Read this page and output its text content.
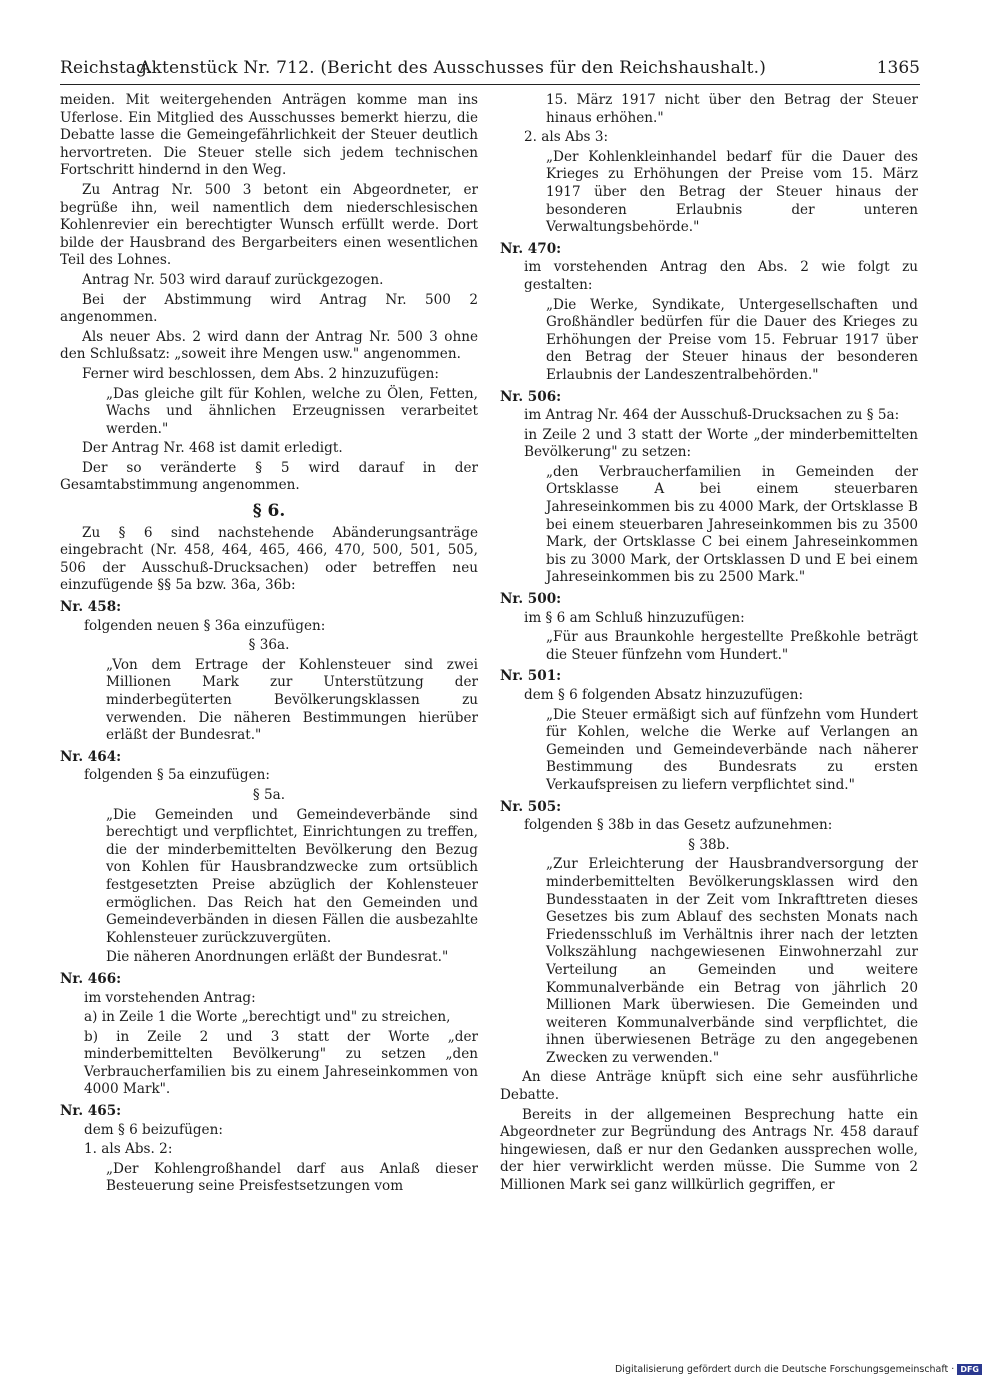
Reichstag.
Aktenstück Nr. 712. (Bericht des Ausschusses für den Reichshaushalt.)	1365
meiden. Mit weitergehenden Anträgen komme man ins Uferlose. Ein Mitglied des Ausschusses bemerkt hierzu, die Debatte lasse die Gemeingefährlichkeit der Steuer deutlich hervortreten. Die Steuer stelle sich jedem technischen Fortschritt hindernd in den Weg.
Zu Antrag Nr. 500 3 betont ein Abgeordneter, er begrüße ihn, weil namentlich dem niederschlesischen Kohlenrevier ein berechtigter Wunsch erfüllt werde. Dort bilde der Hausbrand des Bergarbeiters einen wesentlichen Teil des Lohnes.
Antrag Nr. 503 wird darauf zurückgezogen.
Bei der Abstimmung wird Antrag Nr. 500 2 angenommen.
Als neuer Abs. 2 wird dann der Antrag Nr. 500 3 ohne den Schlußsatz: „soweit ihre Mengen usw." angenommen.
Ferner wird beschlossen, dem Abs. 2 hinzuzufügen:
„Das gleiche gilt für Kohlen, welche zu Ölen, Fetten, Wachs und ähnlichen Erzeugnissen verarbeitet werden."
Der Antrag Nr. 468 ist damit erledigt.
Der so veränderte § 5 wird darauf in der Gesamtabstimmung angenommen.
§ 6.
Zu § 6 sind nachstehende Abänderungsanträge eingebracht (Nr. 458, 464, 465, 466, 470, 500, 501, 505, 506 der Ausschuß-Drucksachen) oder betreffen neu einzufügende §§ 5a bzw. 36a, 36b:
Nr. 458:
folgenden neuen § 36a einzufügen:
§ 36a.
„Von dem Ertrage der Kohlensteuer sind zwei Millionen Mark zur Unterstützung der minderbegüterten Bevölkerungsklassen zu verwenden. Die näheren Bestimmungen hierüber erläßt der Bundesrat."
Nr. 464:
folgenden § 5a einzufügen:
§ 5a.
„Die Gemeinden und Gemeindeverbände sind berechtigt und verpflichtet, Einrichtungen zu treffen, die der minderbemittelten Bevölkerung den Bezug von Kohlen für Hausbrandzwecke zum ortsüblich festgesetzten Preise abzüglich der Kohlensteuer ermöglichen. Das Reich hat den Gemeinden und Gemeindeverbänden in diesen Fällen die ausbezahlte Kohlensteuer zurückzuvergüten.
Die näheren Anordnungen erläßt der Bundesrat."
Nr. 466:
im vorstehenden Antrag:
a) in Zeile 1 die Worte „berechtigt und" zu streichen,
b) in Zeile 2 und 3 statt der Worte „der minderbemittelten Bevölkerung" zu setzen „den Verbraucherfamilien bis zu einem Jahreseinkommen von 4000 Mark".
Nr. 465:
dem § 6 beizufügen:
1. als Abs. 2:
„Der Kohlengroßhandel darf aus Anlaß dieser Besteuerung seine Preisfestsetzungen vom
15. März 1917 nicht über den Betrag der Steuer hinaus erhöhen."
2. als Abs 3:
„Der Kohlenkleinhandel bedarf für die Dauer des Krieges zu Erhöhungen der Preise vom 15. März 1917 über den Betrag der Steuer hinaus der besonderen Erlaubnis der unteren Verwaltungsbehörde."
Nr. 470:
im vorstehenden Antrag den Abs. 2 wie folgt zu gestalten:
„Die Werke, Syndikate, Untergesellschaften und Großhändler bedürfen für die Dauer des Krieges zu Erhöhungen der Preise vom 15. Februar 1917 über den Betrag der Steuer hinaus der besonderen Erlaubnis der Landeszentralbehörden."
Nr. 506:
im Antrag Nr. 464 der Ausschuß-Drucksachen zu § 5a:
in Zeile 2 und 3 statt der Worte „der minderbemittelten Bevölkerung" zu setzen:
„den Verbraucherfamilien in Gemeinden der Ortsklasse A bei einem steuerbaren Jahreseinkommen bis zu 4000 Mark, der Ortsklasse B bei einem steuerbaren Jahreseinkommen bis zu 3500 Mark, der Ortsklasse C bei einem Jahreseinkommen bis zu 3000 Mark, der Ortsklassen D und E bei einem Jahreseinkommen bis zu 2500 Mark."
Nr. 500:
im § 6 am Schluß hinzuzufügen:
„Für aus Braunkohle hergestellte Preßkohle beträgt die Steuer fünfzehn vom Hundert."
Nr. 501:
dem § 6 folgenden Absatz hinzuzufügen:
„Die Steuer ermäßigt sich auf fünfzehn vom Hundert für Kohlen, welche die Werke auf Verlangen an Gemeinden und Gemeindeverbände nach näherer Bestimmung des Bundesrats zu ersten Verkaufspreisen zu liefern verpflichtet sind."
Nr. 505:
folgenden § 38b in das Gesetz aufzunehmen:
§ 38b.
„Zur Erleichterung der Hausbrandversorgung der minderbemittelten Bevölkerungsklassen wird den Bundesstaaten in der Zeit vom Inkrafttreten dieses Gesetzes bis zum Ablauf des sechsten Monats nach Friedensschluß im Verhältnis ihrer nach der letzten Volkszählung nachgewiesenen Einwohnerzahl zur Verteilung an Gemeinden und weitere Kommunalverbände ein Betrag von jährlich 20 Millionen Mark überwiesen. Die Gemeinden und weiteren Kommunalverbände sind verpflichtet, die ihnen überwiesenen Beträge zu den angegebenen Zwecken zu verwenden."
An diese Anträge knüpft sich eine sehr ausführliche Debatte.
Bereits in der allgemeinen Besprechung hatte ein Abgeordneter zur Begründung des Antrags Nr. 458 darauf hingewiesen, daß er nur den Gedanken aussprechen wolle, der hier verwirklicht werden müsse. Die Summe von 2 Millionen Mark sei ganz willkürlich gegriffen, er
Digitalisierung gefördert durch die Deutsche Forschungsgemeinschaft · DFG
